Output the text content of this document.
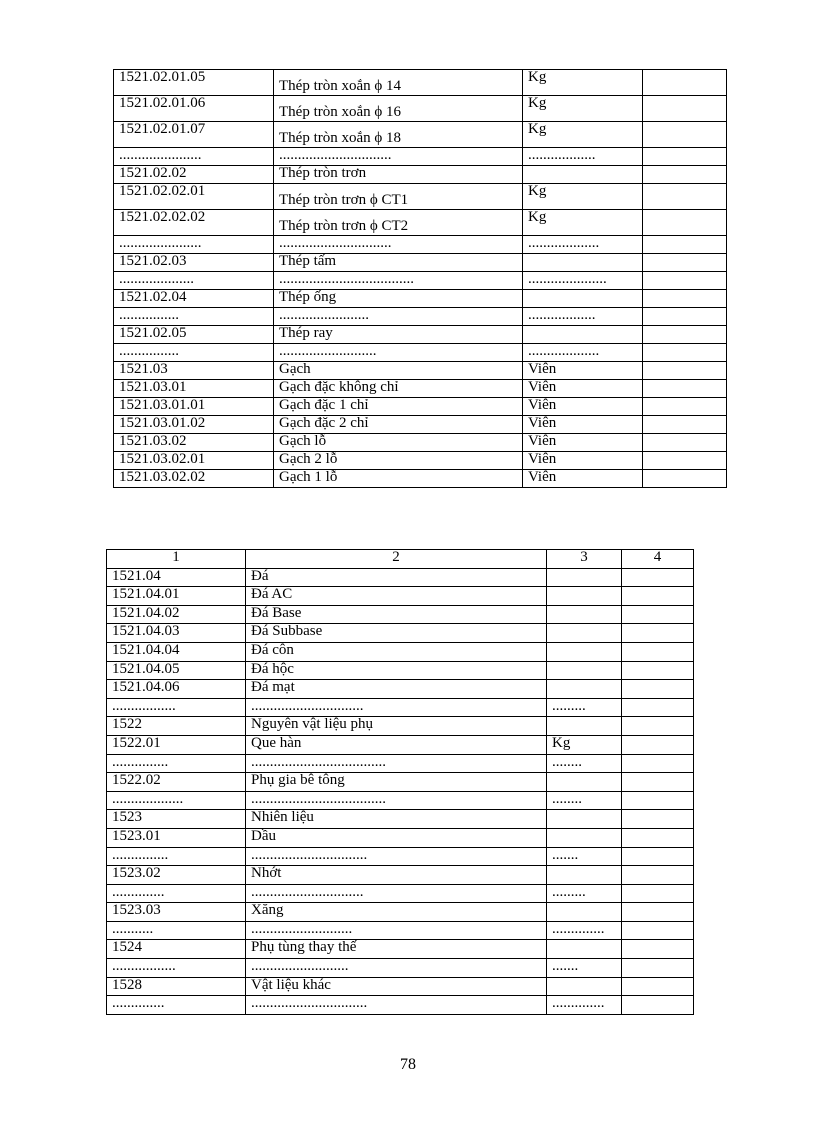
1521.02.01.05	Thép tròn xoắn ϕ 14	Kg	
1521.02.01.06	Thép tròn xoắn ϕ 16	Kg	
1521.02.01.07	Thép tròn xoắn ϕ 18	Kg	
......................	..............................	..................	
1521.02.02	Thép tròn trơn		
1521.02.02.01	Thép tròn trơn ϕ CT1	Kg	
1521.02.02.02	Thép tròn trơn ϕ CT2	Kg	
......................	..............................	...................	
1521.02.03	Thép tấm		
....................	....................................	.....................	
1521.02.04	Thép ống		
................	........................	..................	
1521.02.05	Thép ray		
................	..........................	...................	
1521.03	Gạch	Viên	
1521.03.01	Gạch đặc không chỉ	Viên	
1521.03.01.01	Gạch đặc 1 chỉ	Viên	
1521.03.01.02	Gạch đặc 2 chỉ	Viên	
1521.03.02	Gạch lỗ	Viên	
1521.03.02.01	Gạch 2 lỗ	Viên	
1521.03.02.02	Gạch 1 lỗ	Viên	
1	2	3	4
1521.04	Đá		
1521.04.01	Đá AC		
1521.04.02	Đá Base		
1521.04.03	Đá Subbase		
1521.04.04	Đá côn		
1521.04.05	Đá hộc		
1521.04.06	Đá mạt		
.................	..............................	.........	
1522	Nguyên vật liệu phụ		
1522.01	Que hàn	Kg	
...............	....................................	........	
1522.02	Phụ gia bê tông		
...................	....................................	........	
1523	Nhiên liệu		
1523.01	Dầu		
...............	...............................	.......	
1523.02	Nhớt		
..............	..............................	.........	
1523.03	Xăng		
...........	...........................	..............	
1524	Phụ tùng thay thế		
.................	..........................	.......	
1528	Vật liệu khác		
..............	...............................	..............	
78
